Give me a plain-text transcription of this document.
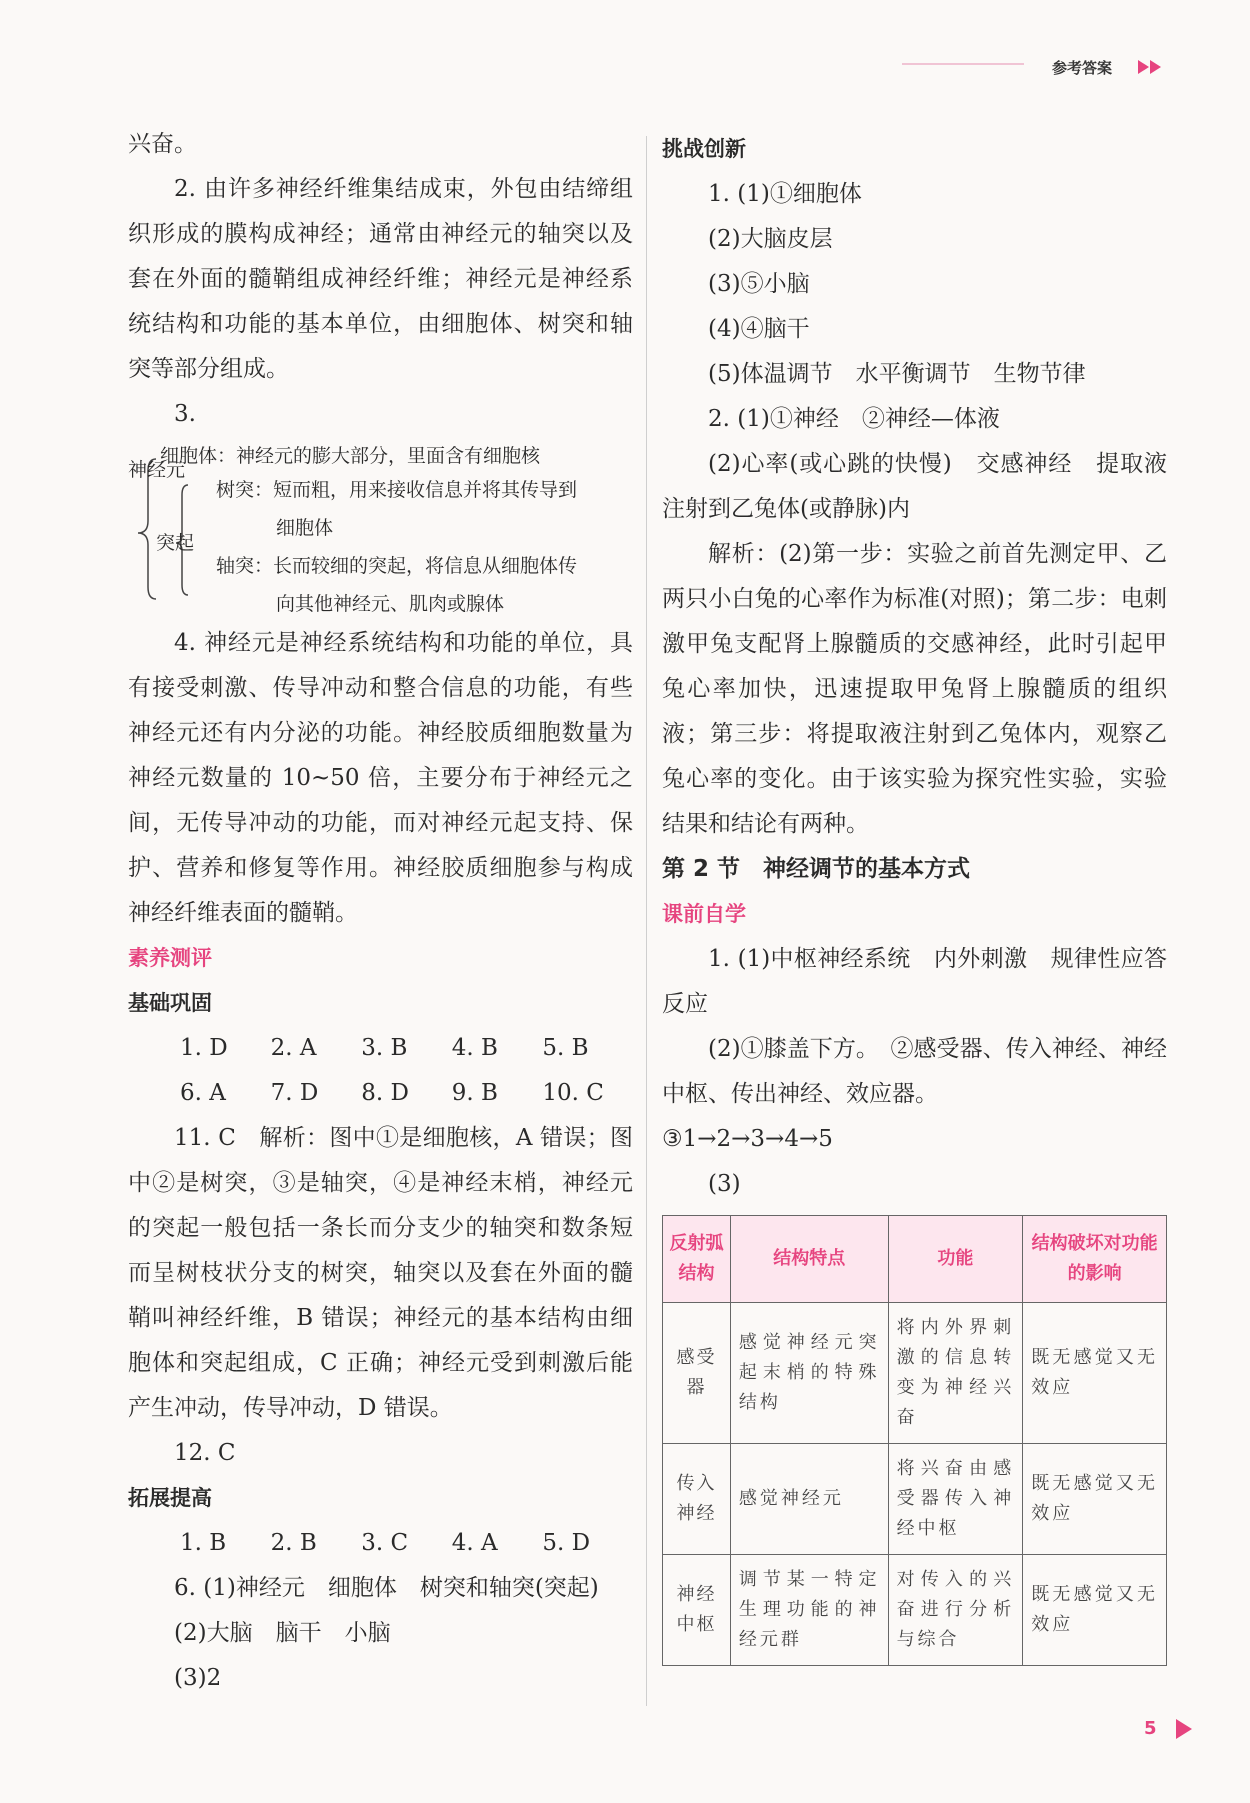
参考答案

兴奋。

2. 由许多神经纤维集结成束，外包由结缔组织形成的膜构成神经；通常由神经元的轴突以及套在外面的髓鞘组成神经纤维；神经元是神经系统结构和功能的基本单位，由细胞体、树突和轴突等部分组成。

3.

神经元
细胞体：神经元的膨大部分，里面含有细胞核
突起
树突：短而粗，用来接收信息并将其传导到
细胞体
轴突：长而较细的突起，将信息从细胞体传
向其他神经元、肌肉或腺体

4. 神经元是神经系统结构和功能的单位，具有接受刺激、传导冲动和整合信息的功能，有些神经元还有内分泌的功能。神经胶质细胞数量为神经元数量的 10~50 倍，主要分布于神经元之间，无传导冲动的功能，而对神经元起支持、保护、营养和修复等作用。神经胶质细胞参与构成神经纤维表面的髓鞘。

素养测评

基础巩固

1. D	2. A	3. B	4. B	5. B
6. A	7. D	8. D	9. B	10. C

11. C　解析：图中①是细胞核，A 错误；图中②是树突，③是轴突，④是神经末梢，神经元的突起一般包括一条长而分支少的轴突和数条短而呈树枝状分支的树突，轴突以及套在外面的髓鞘叫神经纤维，B 错误；神经元的基本结构由细胞体和突起组成，C 正确；神经元受到刺激后能产生冲动，传导冲动，D 错误。

12. C

拓展提高

1. B	2. B	3. C	4. A	5. D

6. (1)神经元　细胞体　树突和轴突(突起)

(2)大脑　脑干　小脑

(3)2

挑战创新

1. (1)①细胞体

(2)大脑皮层

(3)⑤小脑

(4)④脑干

(5)体温调节　水平衡调节　生物节律

2. (1)①神经　②神经—体液

(2)心率(或心跳的快慢)　交感神经　提取液注射到乙兔体(或静脉)内

解析：(2)第一步：实验之前首先测定甲、乙两只小白兔的心率作为标准(对照)；第二步：电刺激甲兔支配肾上腺髓质的交感神经，此时引起甲兔心率加快，迅速提取甲兔肾上腺髓质的组织液；第三步：将提取液注射到乙兔体内，观察乙兔心率的变化。由于该实验为探究性实验，实验结果和结论有两种。

第 2 节　神经调节的基本方式

课前自学

1. (1)中枢神经系统　内外刺激　规律性应答反应

(2)①膝盖下方。　②感受器、传入神经、神经中枢、传出神经、效应器。

③1→2→3→4→5

(3)

反射弧结构	结构特点	功能	结构破坏对功能的影响
感受器	感觉神经元突起末梢的特殊结构	将内外界刺激的信息转变为神经兴奋	既无感觉又无效应
传入神经	感觉神经元	将兴奋由感受器传入神经中枢	既无感觉又无效应
神经中枢	调节某一特定生理功能的神经元群	对传入的兴奋进行分析与综合	既无感觉又无效应
5
